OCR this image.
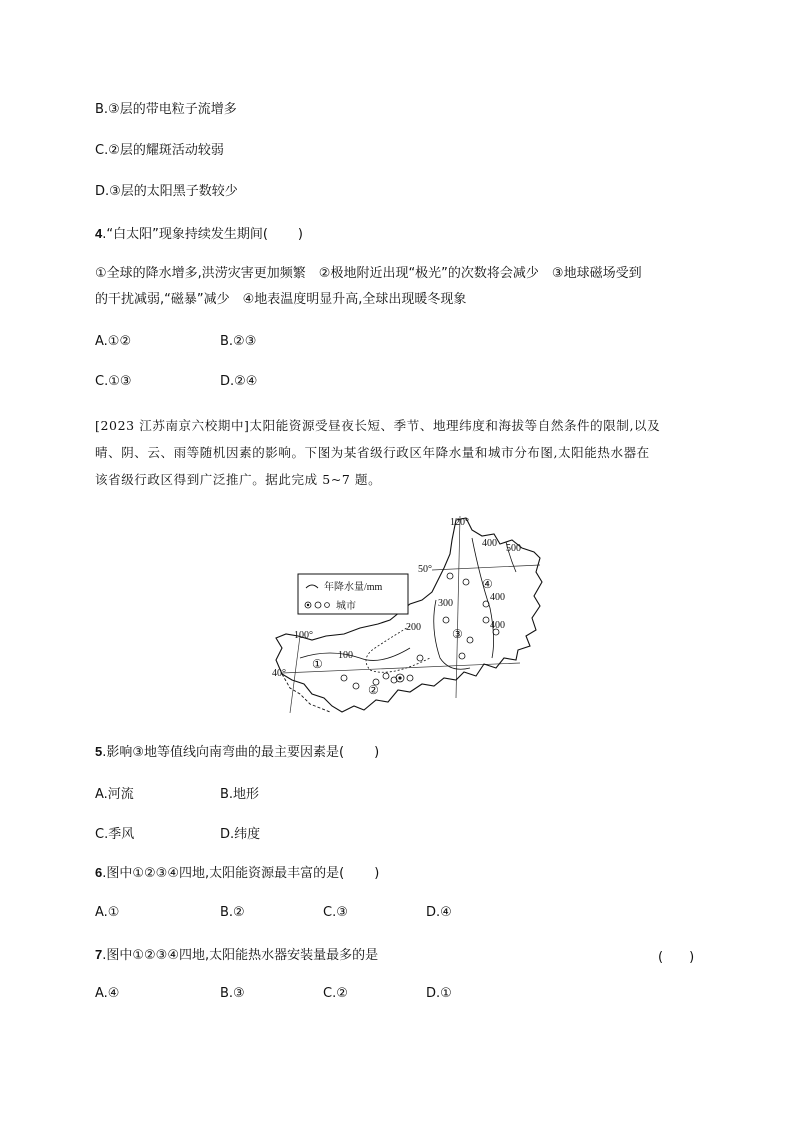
B.③层的带电粒子流增多
C.②层的耀斑活动较弱
D.③层的太阳黑子数较少
4.“白太阳”现象持续发生期间( )
①全球的降水增多,洪涝灾害更加频繁　②极地附近出现“极光”的次数将会减少　③地球磁场受到
的干扰减弱,“磁暴”减少　④地表温度明显升高,全球出现暖冬现象
A.①②	B.②③
C.①③	D.②④
[2023 江苏南京六校期中]太阳能资源受昼夜长短、季节、地理纬度和海拔等自然条件的限制,以及
晴、阴、云、雨等随机因素的影响。下图为某省级行政区年降水量和城市分布图,太阳能热水器在
该省级行政区得到广泛推广。据此完成 5~7 题。
年降水量/mm
城市
120°
100°
50°
40°
100
200
300
400 500
400
400
①
②
③
④
5.影响③地等值线向南弯曲的最主要因素是( )
A.河流	B.地形
C.季风	D.纬度
6.图中①②③④四地,太阳能资源最丰富的是( )
A.①	B.②	C.③	D.④
7.图中①②③④四地,太阳能热水器安装量最多的是	(　　)
A.④	B.③	C.②	D.①
